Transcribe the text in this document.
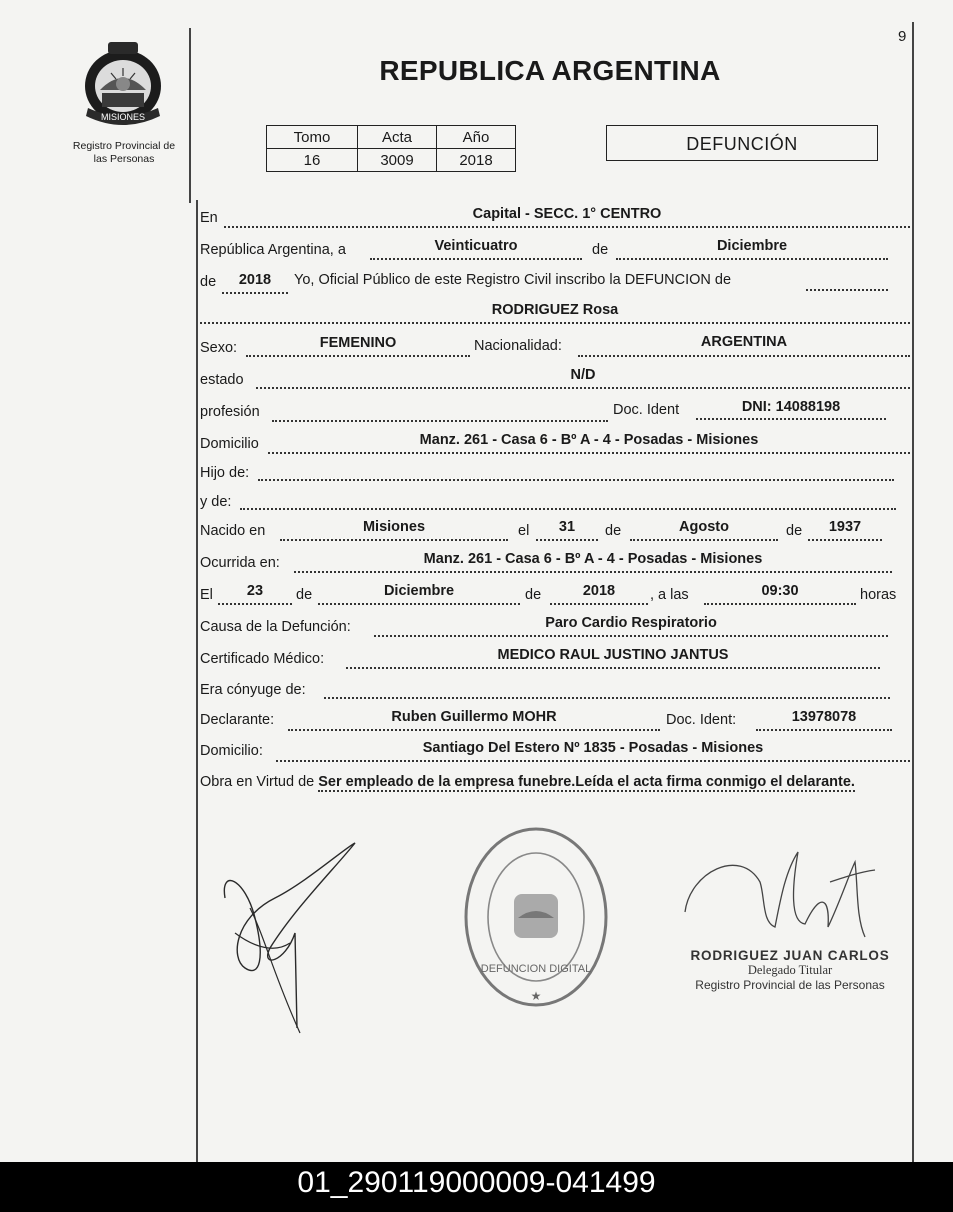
9
MISIONES
Registro Provincial de
las Personas
REPUBLICA ARGENTINA
Tomo	Acta	Año
16	3009	2018
DEFUNCIÓN
En	Capital - SECC. 1° CENTRO
República Argentina, a	Veinticuatro	de	Diciembre
de	2018	Yo, Oficial Público de este Registro Civil inscribo la DEFUNCION de
RODRIGUEZ Rosa
Sexo:	FEMENINO	Nacionalidad:	ARGENTINA
estado	N/D
profesión	Doc. Ident	DNI: 14088198
Domicilio	Manz. 261 - Casa 6 - Bº A - 4 - Posadas - Misiones
Hijo de:
y de:
Nacido en	Misiones	el	31	de	Agosto	de	1937
Ocurrida en:	Manz. 261 - Casa 6 - Bº A - 4 - Posadas - Misiones
El	23	de	Diciembre	de	2018	, a las	09:30	horas
Causa de la Defunción:	Paro Cardio Respiratorio
Certificado Médico:	MEDICO RAUL JUSTINO JANTUS
Era cónyuge de:
Declarante:	Ruben Guillermo MOHR	Doc. Ident:	13978078
Domicilio:	Santiago Del Estero Nº 1835 - Posadas - Misiones
Obra en Virtud de Ser empleado de la empresa funebre.Leída el acta firma conmigo el delarante.
DEFUNCION DIGITAL
★
RODRIGUEZ JUAN CARLOS
Delegado Titular
Registro Provincial de las Personas
01_290119000009-041499
